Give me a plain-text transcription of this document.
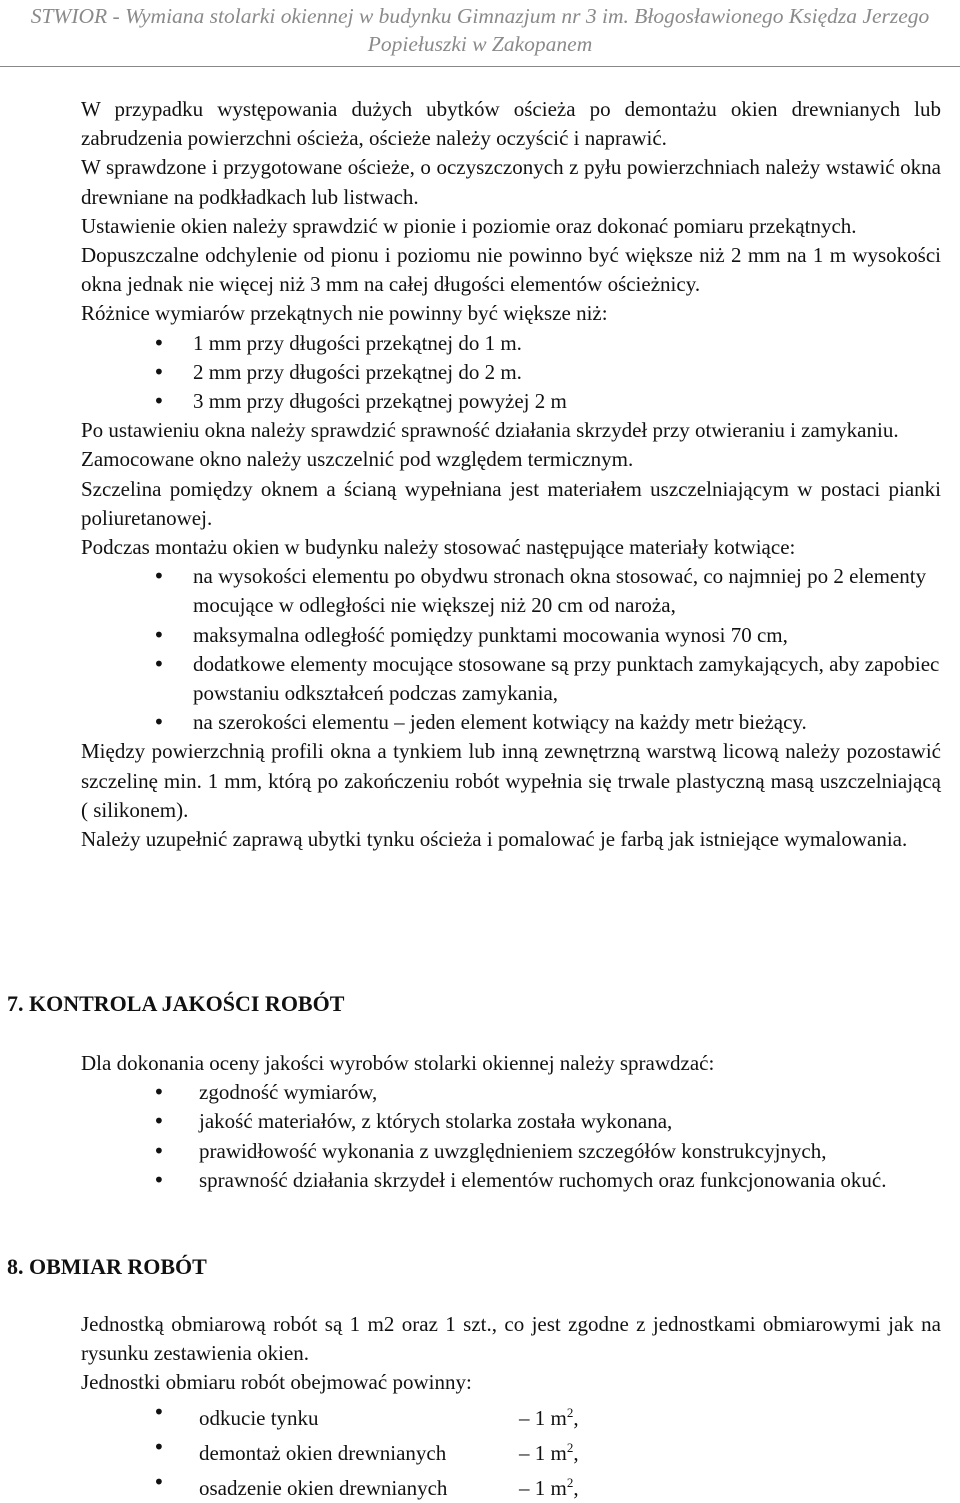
STWIOR - Wymiana stolarki okiennej w budynku Gimnazjum nr 3 im. Błogosławionego Księdza Jerzego Popiełuszki w Zakopanem

W przypadku występowania dużych ubytków ościeża po demontażu okien drewnianych lub zabrudzenia powierzchni ościeża, ościeże należy oczyścić i naprawić.

W sprawdzone i przygotowane ościeże, o oczyszczonych z pyłu powierzchniach należy wstawić okna drewniane na podkładkach lub listwach.

Ustawienie okien należy sprawdzić w pionie i poziomie oraz dokonać pomiaru przekątnych.

Dopuszczalne odchylenie od pionu i poziomu nie powinno być większe niż 2 mm na 1 m wysokości okna jednak nie więcej niż 3 mm na całej długości elementów ościeżnicy.

Różnice wymiarów przekątnych nie powinny być większe niż:

• 1 mm przy długości przekątnej do 1 m.
• 2 mm przy długości przekątnej do 2 m.
• 3 mm przy długości przekątnej powyżej 2 m

Po ustawieniu okna należy sprawdzić sprawność działania skrzydeł przy otwieraniu i zamykaniu.

Zamocowane okno należy uszczelnić pod względem termicznym.

Szczelina pomiędzy oknem a ścianą wypełniana jest materiałem uszczelniającym w postaci pianki poliuretanowej.

Podczas montażu okien w budynku należy stosować następujące materiały kotwiące:

• na wysokości elementu po obydwu stronach okna stosować, co najmniej po 2 elementy mocujące w odległości nie większej niż 20 cm od naroża,
• maksymalna odległość pomiędzy punktami mocowania wynosi 70 cm,
• dodatkowe elementy mocujące stosowane są przy punktach zamykających, aby zapobiec powstaniu odkształceń podczas zamykania,
• na szerokości elementu – jeden element kotwiący na każdy metr bieżący.

Między powierzchnią profili okna a tynkiem lub inną zewnętrzną warstwą licową należy pozostawić szczelinę min. 1 mm, którą po zakończeniu robót wypełnia się trwale plastyczną masą uszczelniającą ( silikonem).

Należy uzupełnić zaprawą ubytki tynku ościeża i pomalować je farbą jak istniejące wymalowania.

7. KONTROLA JAKOŚCI ROBÓT

Dla dokonania oceny jakości wyrobów stolarki okiennej należy sprawdzać:

• zgodność wymiarów,
• jakość materiałów, z których stolarka została wykonana,
• prawidłowość wykonania z uwzględnieniem szczegółów konstrukcyjnych,
• sprawność działania skrzydeł i elementów ruchomych oraz funkcjonowania okuć.
8. OBMIAR ROBÓT

Jednostką obmiarową robót są 1 m2 oraz 1 szt., co jest zgodne z jednostkami obmiarowymi jak na rysunku zestawienia okien.

Jednostki obmiaru robót obejmować powinny:

• odkucie tynku	– 1 $m^2$,
• demontaż okien drewnianych	– 1 $m^2$,
• osadzenie okien drewnianych	– 1 $m^2$,
